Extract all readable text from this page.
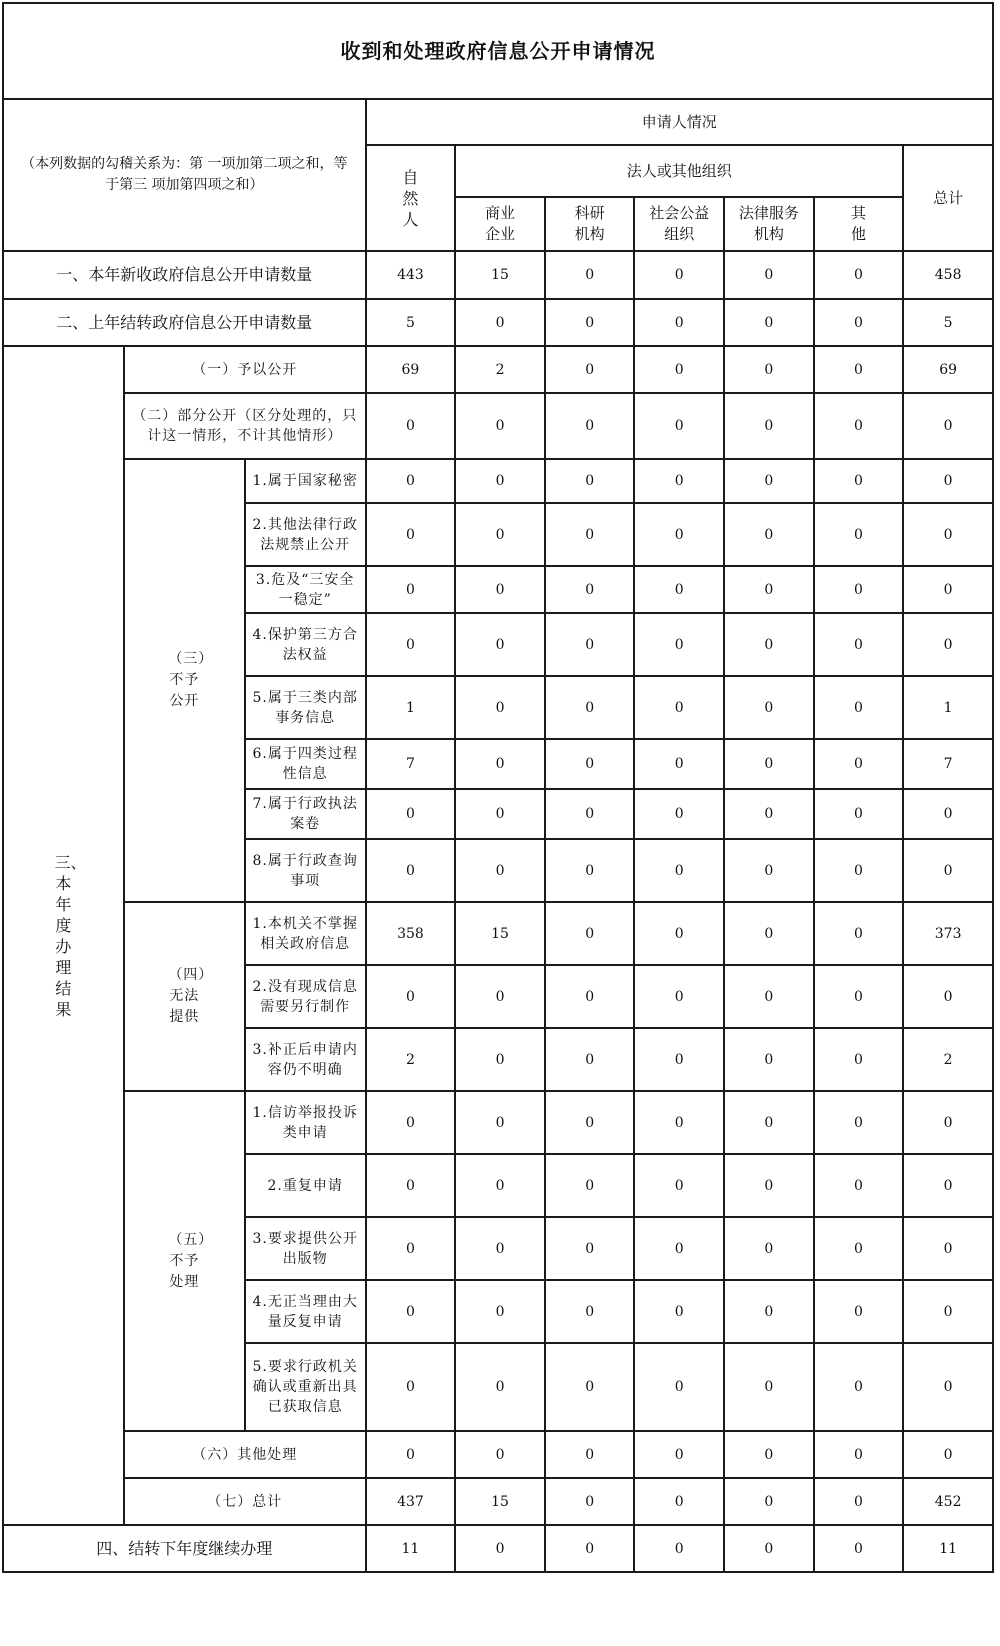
收到和处理政府信息公开申请情况									
（本列数据的勾稽关系为：第 一项加第二项之和，等于第三 项加第四项之和）			申请人情况						
			自然人	法人或其他组织					总计
				商业企业	科研机构	社会公益组织	法律服务机构	其他	
一、本年新收政府信息公开申请数量			443	15	0	0	0	0	458
二、上年结转政府信息公开申请数量			5	0	0	0	0	0	5
三、本年度办理结果	（一）予以公开		69	2	0	0	0	0	69
	（二）部分公开（区分处理的，只计这一情形，不计其他情形）		0	0	0	0	0	0	0
	（三）不予公开	1.属于国家秘密	0	0	0	0	0	0	0
		2.其他法律行政法规禁止公开	0	0	0	0	0	0	0
		3.危及“三安全一稳定”	0	0	0	0	0	0	0
		4.保护第三方合法权益	0	0	0	0	0	0	0
		5.属于三类内部事务信息	1	0	0	0	0	0	1
		6.属于四类过程性信息	7	0	0	0	0	0	7
		7.属于行政执法案卷	0	0	0	0	0	0	0
		8.属于行政查询事项	0	0	0	0	0	0	0
	（四）无法提供	1.本机关不掌握相关政府信息	358	15	0	0	0	0	373
		2.没有现成信息需要另行制作	0	0	0	0	0	0	0
		3.补正后申请内容仍不明确	2	0	0	0	0	0	2
	（五）不予处理	1.信访举报投诉类申请	0	0	0	0	0	0	0
		2.重复申请	0	0	0	0	0	0	0
		3.要求提供公开出版物	0	0	0	0	0	0	0
		4.无正当理由大量反复申请	0	0	0	0	0	0	0
		5.要求行政机关确认或重新出具已获取信息	0	0	0	0	0	0	0
	（六）其他处理		0	0	0	0	0	0	0
	（七）总计		437	15	0	0	0	0	452
四、结转下年度继续办理			11	0	0	0	0	0	11
